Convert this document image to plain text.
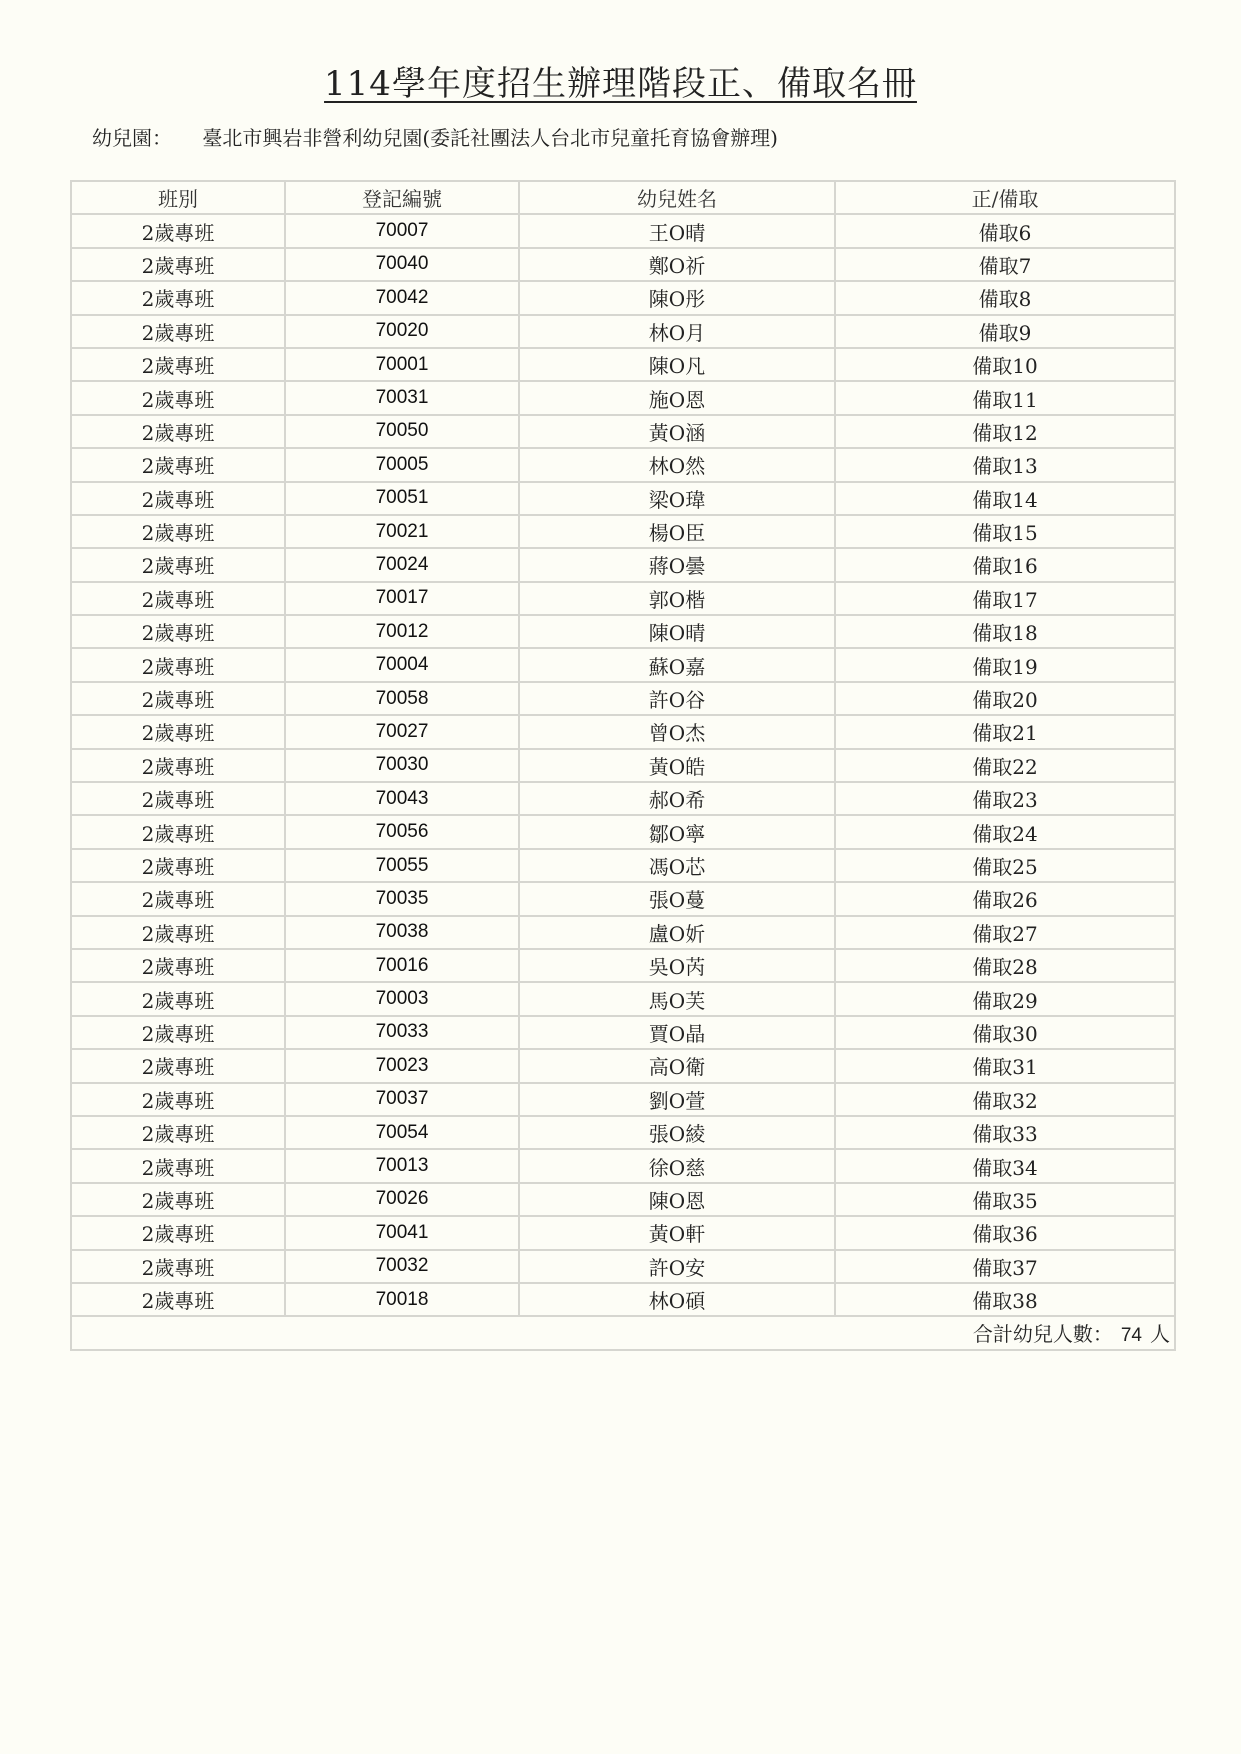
114學年度招生辦理階段正、備取名冊
幼兒園： 臺北市興岩非營利幼兒園(委託社團法人台北市兒童托育協會辦理)
班別	登記編號	幼兒姓名	正/備取
2歲專班	70007	王O晴	備取6
2歲專班	70040	鄭O祈	備取7
2歲專班	70042	陳O彤	備取8
2歲專班	70020	林O月	備取9
2歲專班	70001	陳O凡	備取10
2歲專班	70031	施O恩	備取11
2歲專班	70050	黃O涵	備取12
2歲專班	70005	林O然	備取13
2歲專班	70051	梁O瑋	備取14
2歲專班	70021	楊O臣	備取15
2歲專班	70024	蔣O曇	備取16
2歲專班	70017	郭O楷	備取17
2歲專班	70012	陳O晴	備取18
2歲專班	70004	蘇O嘉	備取19
2歲專班	70058	許O谷	備取20
2歲專班	70027	曾O杰	備取21
2歲專班	70030	黃O皓	備取22
2歲專班	70043	郝O希	備取23
2歲專班	70056	鄒O寧	備取24
2歲專班	70055	馮O芯	備取25
2歲專班	70035	張O蔓	備取26
2歲專班	70038	盧O妡	備取27
2歲專班	70016	吳O芮	備取28
2歲專班	70003	馬O芙	備取29
2歲專班	70033	賈O晶	備取30
2歲專班	70023	高O衛	備取31
2歲專班	70037	劉O萱	備取32
2歲專班	70054	張O綾	備取33
2歲專班	70013	徐O慈	備取34
2歲專班	70026	陳O恩	備取35
2歲專班	70041	黃O軒	備取36
2歲專班	70032	許O安	備取37
2歲專班	70018	林O碩	備取38
合計幼兒人數： 74 人			
